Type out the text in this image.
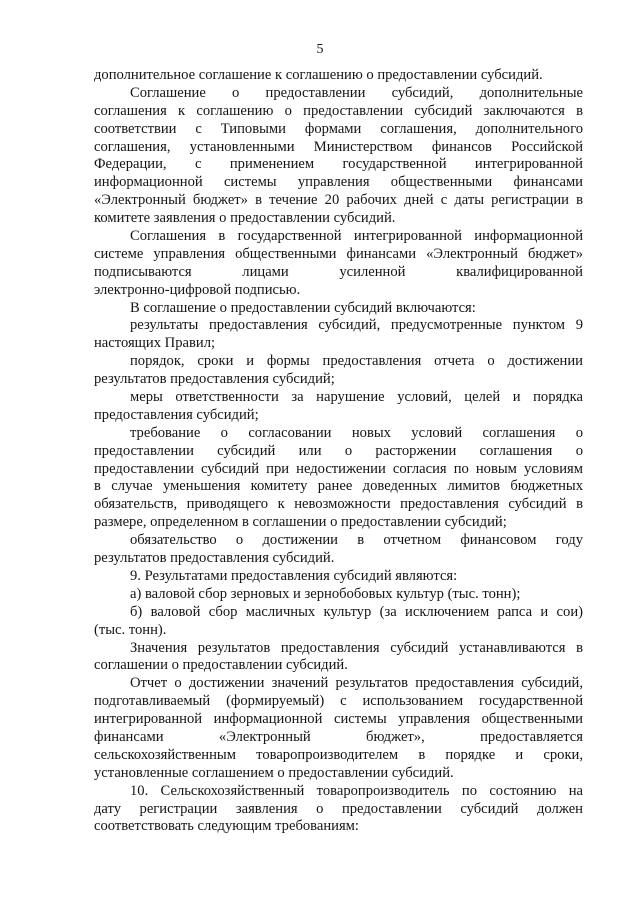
5
дополнительное соглашение к соглашению о предоставлении субсидий.
Соглашение о предоставлении субсидий, дополнительные
соглашения к соглашению о предоставлении субсидий заключаются в
соответствии с Типовыми формами соглашения, дополнительного
соглашения, установленными Министерством финансов Российской
Федерации, с применением государственной интегрированной
информационной системы управления общественными финансами
«Электронный бюджет» в течение 20 рабочих дней с даты регистрации в
комитете заявления о предоставлении субсидий.
Соглашения в государственной интегрированной информационной
системе управления общественными финансами «Электронный бюджет»
подписываются лицами усиленной квалифицированной
электронно-цифровой подписью.
В соглашение о предоставлении субсидий включаются:
результаты предоставления субсидий, предусмотренные пунктом 9
настоящих Правил;
порядок, сроки и формы предоставления отчета о достижении
результатов предоставления субсидий;
меры ответственности за нарушение условий, целей и порядка
предоставления субсидий;
требование о согласовании новых условий соглашения о
предоставлении субсидий или о расторжении соглашения о
предоставлении субсидий при недостижении согласия по новым условиям
в случае уменьшения комитету ранее доведенных лимитов бюджетных
обязательств, приводящего к невозможности предоставления субсидий в
размере, определенном в соглашении о предоставлении субсидий;
обязательство о достижении в отчетном финансовом году
результатов предоставления субсидий.
9. Результатами предоставления субсидий являются:
а) валовой сбор зерновых и зернобобовых культур (тыс. тонн);
б) валовой сбор масличных культур (за исключением рапса и сои)
(тыс. тонн).
Значения результатов предоставления субсидий устанавливаются в
соглашении о предоставлении субсидий.
Отчет о достижении значений результатов предоставления субсидий,
подготавливаемый (формируемый) с использованием государственной
интегрированной информационной системы управления общественными
финансами «Электронный бюджет», предоставляется
сельскохозяйственным товаропроизводителем в порядке и сроки,
установленные соглашением о предоставлении субсидий.
10. Сельскохозяйственный товаропроизводитель по состоянию на
дату регистрации заявления о предоставлении субсидий должен
соответствовать следующим требованиям:
